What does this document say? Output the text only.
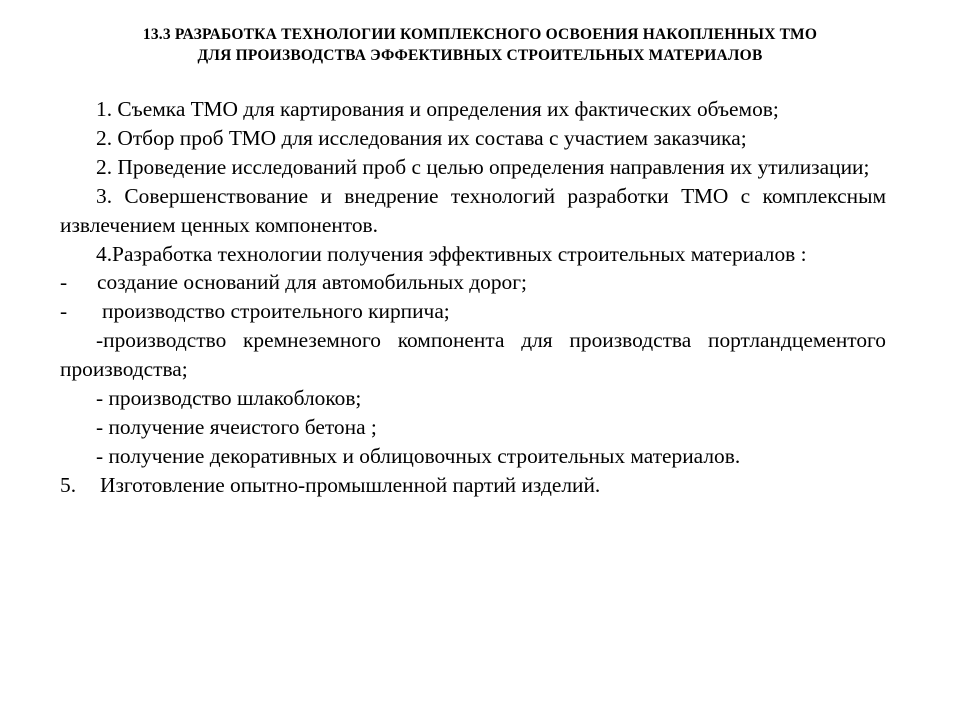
13.3 РАЗРАБОТКА ТЕХНОЛОГИИ КОМПЛЕКСНОГО ОСВОЕНИЯ НАКОПЛЕННЫХ ТМО
ДЛЯ ПРОИЗВОДСТВА ЭФФЕКТИВНЫХ СТРОИТЕЛЬНЫХ МАТЕРИАЛОВ

1. Съемка ТМО для картирования и определения их фактических объемов;

2. Отбор проб ТМО для исследования их состава с участием заказчика;

2. Проведение исследований проб с целью определения направления их утилизации;

3. Совершенствование и внедрение технологий разработки ТМО с комплексным извлечением ценных компонентов.

4.Разработка технологии получения эффективных строительных материалов :

- создание оснований для автомобильных дорог;

- производство строительного кирпича;

-производство кремнеземного компонента для производства портландцементого производства;

- производство шлакоблоков;

- получение ячеистого бетона ;

- получение декоративных и облицовочных строительных материалов.

5. Изготовление опытно-промышленной партий изделий.
